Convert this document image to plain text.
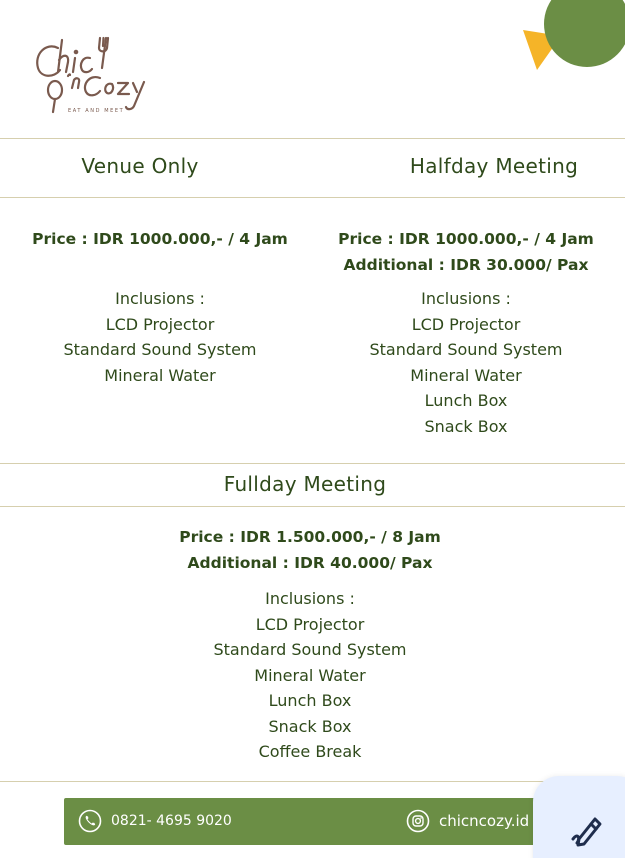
EAT AND MEET
Venue Only	Halfday Meeting
Fullday Meeting
Price : IDR 1000.000,- / 4 Jam
Inclusions :
LCD Projector
Standard Sound System
Mineral Water
Price : IDR 1000.000,- / 4 Jam
Additional : IDR 30.000/ Pax
Inclusions :
LCD Projector
Standard Sound System
Mineral Water
Lunch Box
Snack Box
Price : IDR 1.500.000,- / 8 Jam
Additional : IDR 40.000/ Pax
Inclusions :
LCD Projector
Standard Sound System
Mineral Water
Lunch Box
Snack Box
Coffee Break
0821- 4695 9020	chicncozy.id
